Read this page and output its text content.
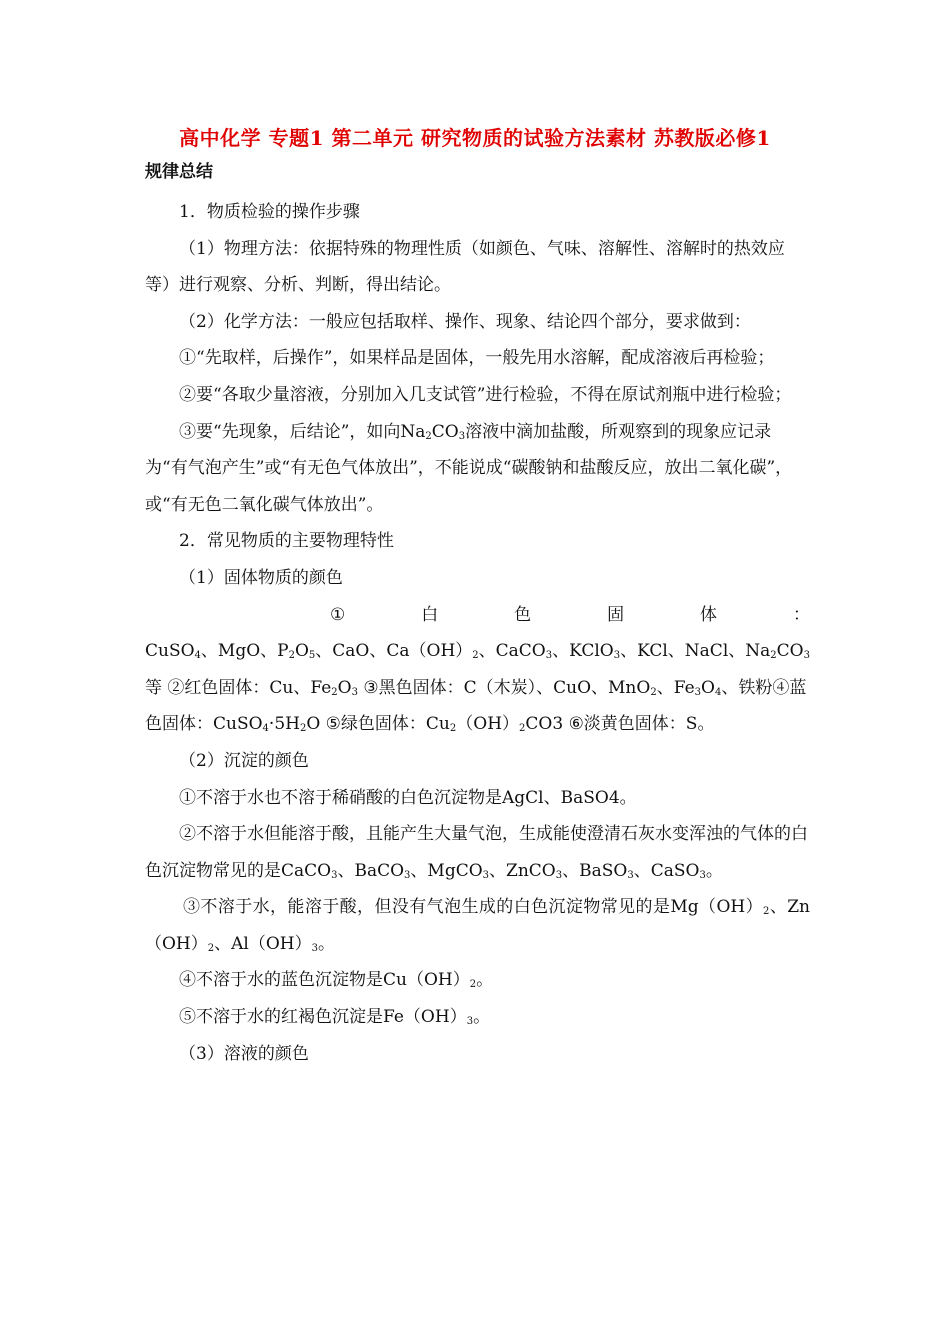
高中化学 专题1 第二单元 研究物质的试验方法素材 苏教版必修1
规律总结

1．物质检验的操作步骤

（1）物理方法：依据特殊的物理性质（如颜色、气味、溶解性、溶解时的热效应等）进行观察、分析、判断，得出结论。

（2）化学方法：一般应包括取样、操作、现象、结论四个部分，要求做到：

①“先取样，后操作”，如果样品是固体，一般先用水溶解，配成溶液后再检验；

②要“各取少量溶液，分别加入几支试管”进行检验，不得在原试剂瓶中进行检验；

③要“先现象，后结论”，如向$Na_2CO_3$溶液中滴加盐酸，所观察到的现象应记录为“有气泡产生”或“有无色气体放出”，不能说成“碳酸钠和盐酸反应，放出二氧化碳”，或“有无色二氧化碳气体放出”。

2．常见物质的主要物理特性

（1）固体物质的颜色

①	白	色	固	体	：

CuSO$_4$、MgO、$P_2O_5$、CaO、$Ca(OH)_2$、CaCO$_3$、KClO$_3$、KCl、NaCl、$Na_2CO_3$等 ②红色固体：Cu、$Fe_2O_3$ ③黑色固体：C（木炭）、CuO、MnO$_2$、$Fe_3O_4$、铁粉④蓝色固体：$CuSO_4\cdot 5H_2O$ ⑤绿色固体：$Cu_2(OH)_2CO3$ ⑥淡黄色固体：S。

（2）沉淀的颜色

①不溶于水也不溶于稀硝酸的白色沉淀物是AgCl、BaSO4。

②不溶于水但能溶于酸，且能产生大量气泡，生成能使澄清石灰水变浑浊的气体的白色沉淀物常见的是CaCO$_3$、BaCO$_3$、MgCO$_3$、ZnCO$_3$、BaSO$_3$、CaSO$_3$。

③不溶于水，能溶于酸，但没有气泡生成的白色沉淀物常见的是$Mg(OH)_2$、$Zn(OH)_2$、$Al(OH)_3$。

④不溶于水的蓝色沉淀物是$Cu(OH)_2$。

⑤不溶于水的红褐色沉淀是$Fe(OH)_3$。

（3）溶液的颜色
